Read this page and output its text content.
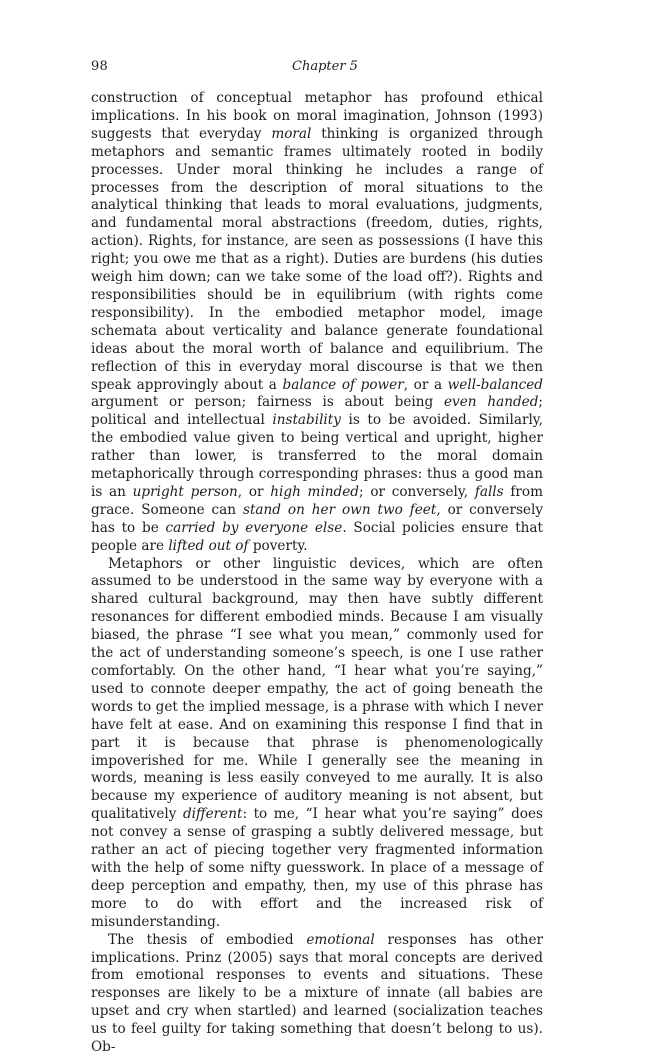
98	Chapter 5

construction of conceptual metaphor has profound ethical implications. In his book on moral imagination, Johnson (1993) suggests that everyday moral thinking is organized through metaphors and semantic frames ultimately rooted in bodily processes. Under moral thinking he includes a range of processes from the description of moral situations to the analytical thinking that leads to moral evaluations, judgments, and fundamental moral abstractions (freedom, duties, rights, action). Rights, for instance, are seen as possessions (I have this right; you owe me that as a right). Duties are burdens (his duties weigh him down; can we take some of the load off?). Rights and responsibilities should be in equilibrium (with rights come responsibility). In the embodied metaphor model, image schemata about verticality and balance generate foundational ideas about the moral worth of balance and equilibrium. The reflection of this in everyday moral discourse is that we then speak approvingly about a balance of power, or a well-balanced argument or person; fairness is about being even handed; political and intellectual instability is to be avoided. Similarly, the embodied value given to being vertical and upright, higher rather than lower, is transferred to the moral domain metaphorically through corresponding phrases: thus a good man is an upright person, or high minded; or conversely, falls from grace. Someone can stand on her own two feet, or conversely has to be carried by everyone else. Social policies ensure that people are lifted out of poverty.

Metaphors or other linguistic devices, which are often assumed to be understood in the same way by everyone with a shared cultural background, may then have subtly different resonances for different embodied minds. Because I am visually biased, the phrase “I see what you mean,” commonly used for the act of understanding someone’s speech, is one I use rather comfortably. On the other hand, “I hear what you’re saying,” used to connote deeper empathy, the act of going beneath the words to get the implied message, is a phrase with which I never have felt at ease. And on examining this response I find that in part it is because that phrase is phenomenologically impoverished for me. While I generally see the meaning in words, meaning is less easily conveyed to me aurally. It is also because my experience of auditory meaning is not absent, but qualitatively different: to me, “I hear what you’re saying” does not convey a sense of grasping a subtly delivered message, but rather an act of piecing together very fragmented information with the help of some nifty guesswork. In place of a message of deep perception and empathy, then, my use of this phrase has more to do with effort and the increased risk of misunderstanding.

The thesis of embodied emotional responses has other implications. Prinz (2005) says that moral concepts are derived from emotional responses to events and situations. These responses are likely to be a mixture of innate (all babies are upset and cry when startled) and learned (socialization teaches us to feel guilty for taking something that doesn’t belong to us). Ob-
